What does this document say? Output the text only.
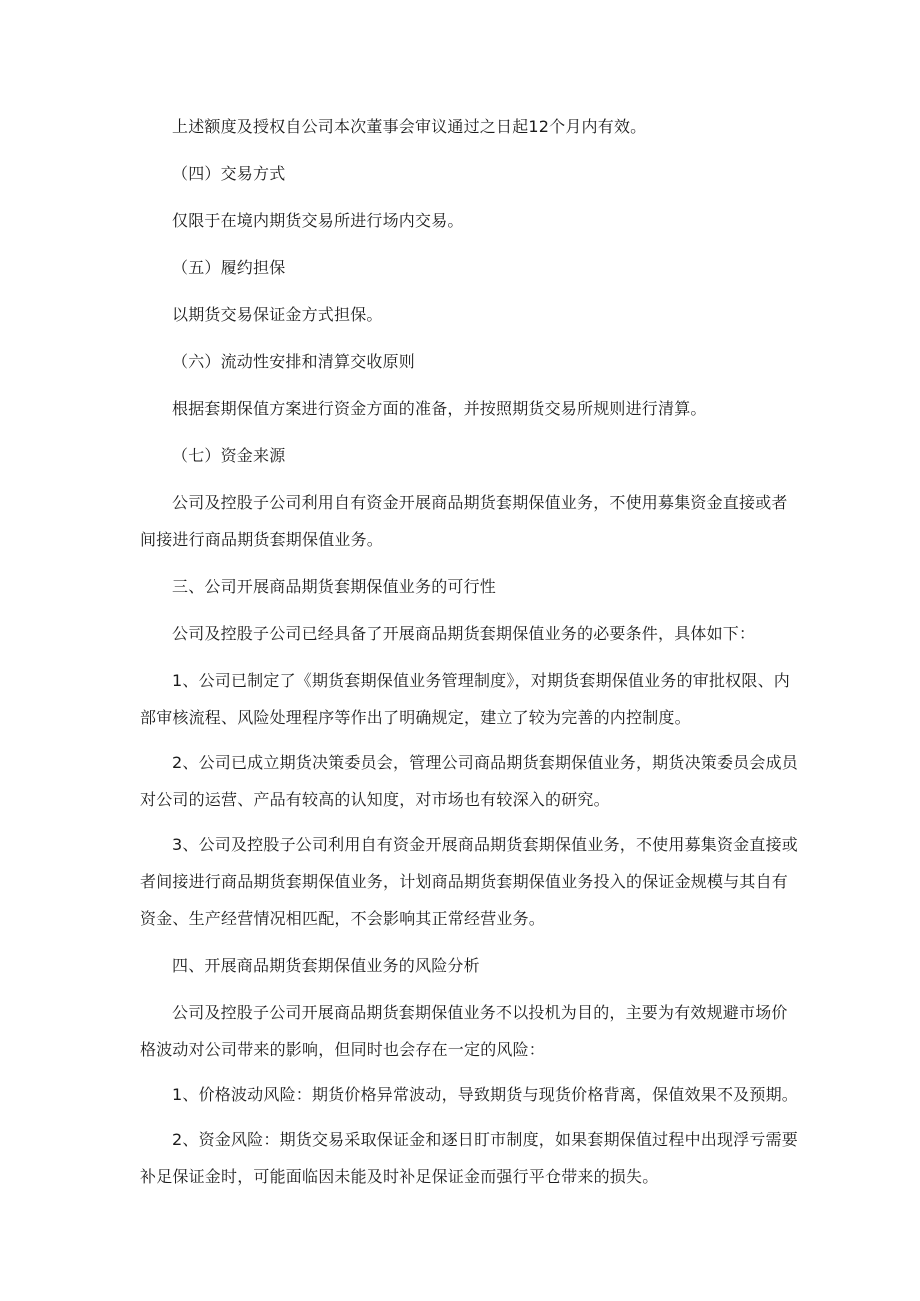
上述额度及授权自公司本次董事会审议通过之日起12个月内有效。

（四）交易方式

仅限于在境内期货交易所进行场内交易。

（五）履约担保

以期货交易保证金方式担保。

（六）流动性安排和清算交收原则

根据套期保值方案进行资金方面的准备，并按照期货交易所规则进行清算。

（七）资金来源

公司及控股子公司利用自有资金开展商品期货套期保值业务，不使用募集资金直接或者间接进行商品期货套期保值业务。

三、公司开展商品期货套期保值业务的可行性

公司及控股子公司已经具备了开展商品期货套期保值业务的必要条件，具体如下：

1、公司已制定了《期货套期保值业务管理制度》，对期货套期保值业务的审批权限、内部审核流程、风险处理程序等作出了明确规定，建立了较为完善的内控制度。

2、公司已成立期货决策委员会，管理公司商品期货套期保值业务，期货决策委员会成员对公司的运营、产品有较高的认知度，对市场也有较深入的研究。

3、公司及控股子公司利用自有资金开展商品期货套期保值业务，不使用募集资金直接或者间接进行商品期货套期保值业务，计划商品期货套期保值业务投入的保证金规模与其自有资金、生产经营情况相匹配，不会影响其正常经营业务。

四、开展商品期货套期保值业务的风险分析

公司及控股子公司开展商品期货套期保值业务不以投机为目的，主要为有效规避市场价格波动对公司带来的影响，但同时也会存在一定的风险：

1、价格波动风险：期货价格异常波动，导致期货与现货价格背离，保值效果不及预期。

2、资金风险：期货交易采取保证金和逐日盯市制度，如果套期保值过程中出现浮亏需要补足保证金时，可能面临因未能及时补足保证金而强行平仓带来的损失。
